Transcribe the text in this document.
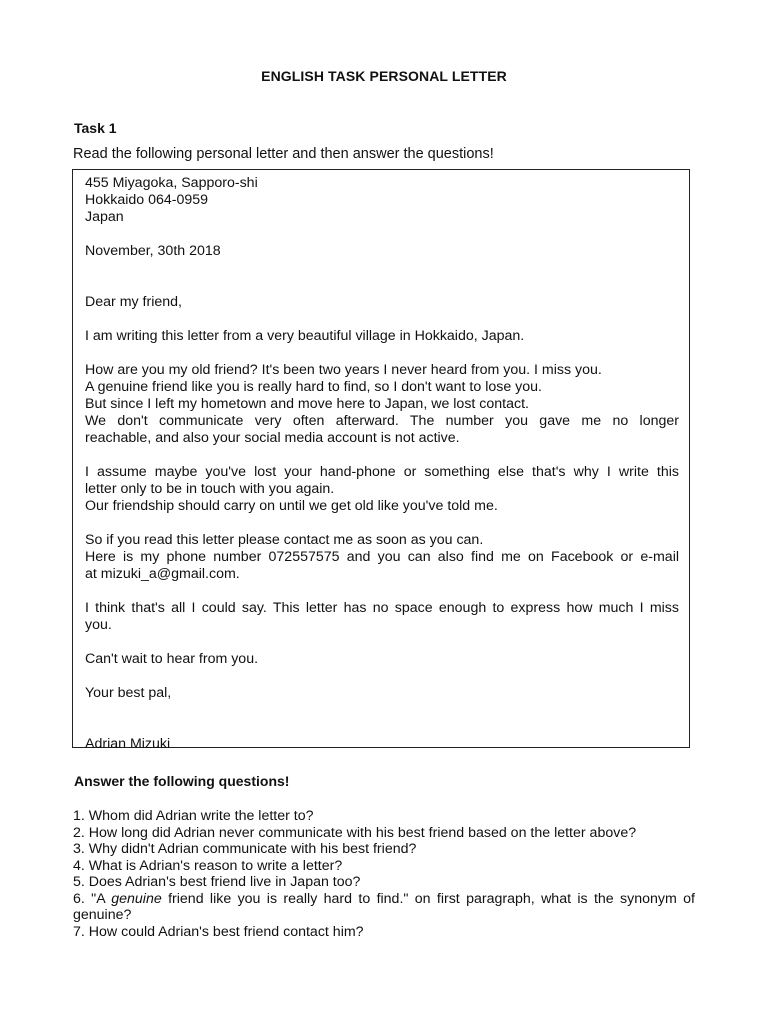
ENGLISH TASK PERSONAL LETTER
Task 1
Read the following personal letter and then answer the questions!
455 Miyagoka, Sapporo-shi
Hokkaido 064-0959
Japan
November, 30th 2018
Dear my friend,
I am writing this letter from a very beautiful village in Hokkaido, Japan.
How are you my old friend? It's been two years I never heard from you. I miss you.
A genuine friend like you is really hard to find, so I don't want to lose you.
But since I left my hometown and move here to Japan, we lost contact.
We don't communicate very often afterward. The number you gave me no longer
reachable, and also your social media account is not active.
I assume maybe you've lost your hand-phone or something else that's why I write this
letter only to be in touch with you again.
Our friendship should carry on until we get old like you've told me.
So if you read this letter please contact me as soon as you can.
Here is my phone number 072557575 and you can also find me on Facebook or e-mail
at mizuki_a@gmail.com.
I think that's all I could say. This letter has no space enough to express how much I miss
you.
Can't wait to hear from you.
Your best pal,
Adrian Mizuki
Answer the following questions!
1. Whom did Adrian write the letter to?
2. How long did Adrian never communicate with his best friend based on the letter above?
3. Why didn't Adrian communicate with his best friend?
4. What is Adrian's reason to write a letter?
5. Does Adrian's best friend live in Japan too?
6. "A genuine friend like you is really hard to find." on first paragraph, what is the synonym of genuine?
7. How could Adrian's best friend contact him?
